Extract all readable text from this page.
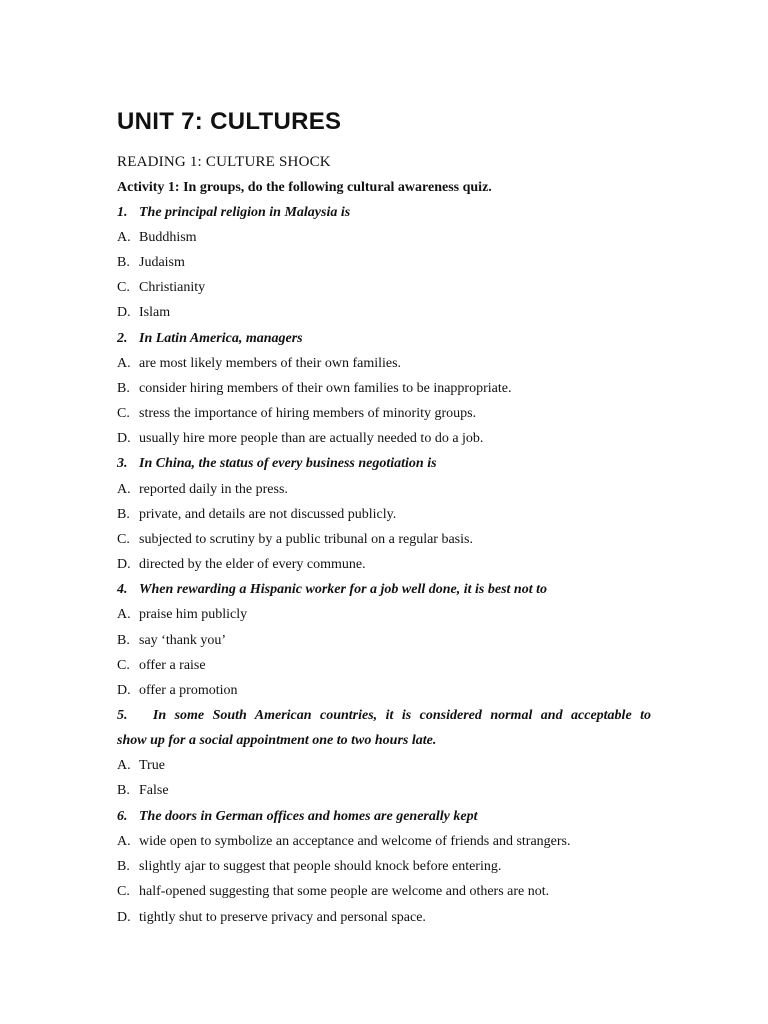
UNIT 7: CULTURES
READING 1: CULTURE SHOCK
Activity 1: In groups, do the following cultural awareness quiz.
1. The principal religion in Malaysia is
A. Buddhism
B. Judaism
C. Christianity
D. Islam
2. In Latin America, managers
A. are most likely members of their own families.
B. consider hiring members of their own families to be inappropriate.
C. stress the importance of hiring members of minority groups.
D. usually hire more people than are actually needed to do a job.
3. In China, the status of every business negotiation is
A. reported daily in the press.
B. private, and details are not discussed publicly.
C. subjected to scrutiny by a public tribunal on a regular basis.
D. directed by the elder of every commune.
4. When rewarding a Hispanic worker for a job well done, it is best not to
A. praise him publicly
B. say ‘thank you’
C. offer a raise
D. offer a promotion
5. In some South American countries, it is considered normal and acceptable to
show up for a social appointment one to two hours late.
A. True
B. False
6. The doors in German offices and homes are generally kept
A. wide open to symbolize an acceptance and welcome of friends and strangers.
B. slightly ajar to suggest that people should knock before entering.
C. half-opened suggesting that some people are welcome and others are not.
D. tightly shut to preserve privacy and personal space.
